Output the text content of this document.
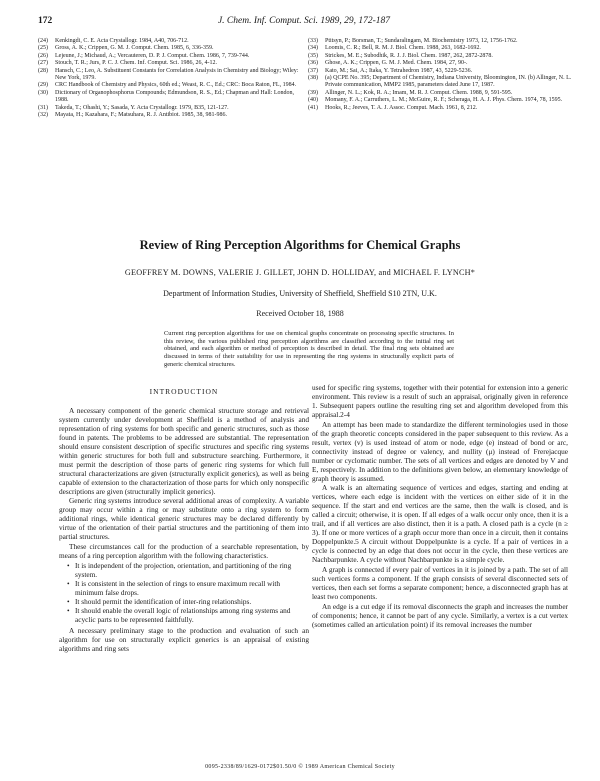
172	J. Chem. Inf. Comput. Sci. 1989, 29, 172-187
(24)	Kenkingdi, C. E. Acta Crystallogr. 1984, A40, 706-712.
(25)	Gross, A. K.; Crippen, G. M. J. Comput. Chem. 1985, 6, 336-359.
(26)	Lejeune, J.; Michaud, A.; Vercauteren, D. P. J. Comput. Chem. 1986, 7, 739-744.
(27)	Stouch, T. R.; Jurs, P. C. J. Chem. Inf. Comput. Sci. 1986, 26, 4-12.
(28)	Hansch, C.; Leo, A. Substituent Constants for Correlation Analysis in Chemistry and Biology; Wiley: New York, 1979.
(29)	CRC Handbook of Chemistry and Physics, 60th ed.; Weast, R. C., Ed.; CRC: Boca Raton, FL, 1984.
(30)	Dictionary of Organophosphorus Compounds; Edmundson, R. S., Ed.; Chapman and Hall: London, 1988.
(31)	Takeda, T.; Ohashi, Y.; Sasada, Y. Acta Crystallogr. 1979, B35, 121-127.
(32)	Mayata, H.; Kazahara, F.; Matsuhara, R. J. Antibiot. 1985, 38, 981-986.
(33)	Ptitsyn, P.; Borsman, T.; Sundaralingam, M. Biochemistry 1973, 12, 1756-1762.
(34)	Loomis, C. R.; Bell, R. M. J. Biol. Chem. 1988, 263, 1682-1692.
(35)	Strickes, M. E.; Subodhik, R. J. J. Biol. Chem. 1987, 262, 2872-2878.
(36)	Ghose, A. K.; Crippen, G. M. J. Med. Chem. 1984, 27, 90-.
(37)	Kato, M.; Sai, A.; Itaka, Y. Tetrahedron 1987, 43, 5229-5236.
(38)	(a) QCPE No. 395; Department of Chemistry, Indiana University, Bloomington, IN. (b) Allinger, N. L. Private communication, MMP2 1985, parameters dated June 17, 1987.
(39)	Allinger, N. L.; Kok, R. A.; Imam, M. R. J. Comput. Chem. 1988, 9, 591-595.
(40)	Momany, F. A.; Carruthers, L. M.; McGuire, R. F.; Scheraga, H. A. J. Phys. Chem. 1974, 78, 1595.
(41)	Hooks, R.; Jeeves, T. A. J. Assoc. Comput. Mach. 1961, 8, 212.
Review of Ring Perception Algorithms for Chemical Graphs
GEOFFREY M. DOWNS, VALERIE J. GILLET, JOHN D. HOLLIDAY, and MICHAEL F. LYNCH*
Department of Information Studies, University of Sheffield, Sheffield S10 2TN, U.K.
Received October 18, 1988
Current ring perception algorithms for use on chemical graphs concentrate on processing specific structures. In this review, the various published ring perception algorithms are classified according to the initial ring set obtained, and each algorithm or method of perception is described in detail. The final ring sets obtained are discussed in terms of their suitability for use in representing the ring systems in structurally explicit parts of generic chemical structures.
INTRODUCTION

A necessary component of the generic chemical structure storage and retrieval system currently under development at Sheffield is a method of analysis and representation of ring systems for both specific and generic structures, such as those found in patents. The problems to be addressed are substantial. The representation should ensure consistent description of specific structures and specific ring systems within generic structures for both full and substructure searching. Furthermore, it must permit the description of those parts of generic ring systems for which full structural characterizations are given (structurally explicit generics), as well as being capable of extension to the characterization of those parts for which only nonspecific descriptions are given (structurally implicit generics).

Generic ring systems introduce several additional areas of complexity. A variable group may occur within a ring or may substitute onto a ring system to form additional rings, while identical generic structures may be declared differently by virtue of the orientation of their partial structures and the partitioning of them into partial structures.

These circumstances call for the production of a searchable representation, by means of a ring perception algorithm with the following characteristics.

• It is independent of the projection, orientation, and partitioning of the ring system.
• It is consistent in the selection of rings to ensure maximum recall with minimum false drops.
• It should permit the identification of inter-ring relationships.
• It should enable the overall logic of relationships among ring systems and acyclic parts to be represented faithfully.

A necessary preliminary stage to the production and evaluation of such an algorithm for use on structurally explicit generics is an appraisal of existing algorithms and ring sets

used for specific ring systems, together with their potential for extension into a generic environment. This review is a result of such an appraisal, originally given in reference 1. Subsequent papers outline the resulting ring set and algorithm developed from this appraisal.2-4

An attempt has been made to standardize the different terminologies used in those of the graph theoretic concepts considered in the paper subsequent to this review. As a result, vertex (v) is used instead of atom or node, edge (e) instead of bond or arc, connectivity instead of degree or valency, and nullity (μ) instead of Frerejacque number or cyclomatic number. The sets of all vertices and edges are denoted by V and E, respectively. In addition to the definitions given below, an elementary knowledge of graph theory is assumed.

A walk is an alternating sequence of vertices and edges, starting and ending at vertices, where each edge is incident with the vertices on either side of it in the sequence. If the start and end vertices are the same, then the walk is closed, and is called a circuit; otherwise, it is open. If all edges of a walk occur only once, then it is a trail, and if all vertices are also distinct, then it is a path. A closed path is a cycle (n ≥ 3). If one or more vertices of a graph occur more than once in a circuit, then it contains Doppelpunkte.5 A circuit without Doppelpunkte is a cycle. If a pair of vertices in a cycle is connected by an edge that does not occur in the cycle, then these vertices are Nachbarpunkte. A cycle without Nachbarpunkte is a simple cycle.

A graph is connected if every pair of vertices in it is joined by a path. The set of all such vertices forms a component. If the graph consists of several disconnected sets of vertices, then each set forms a separate component; hence, a disconnected graph has at least two components.

An edge is a cut edge if its removal disconnects the graph and increases the number of components; hence, it cannot be part of any cycle. Similarly, a vertex is a cut vertex (sometimes called an articulation point) if its removal increases the number

0095-2338/89/1629-0172$01.50/0 © 1989 American Chemical Society
